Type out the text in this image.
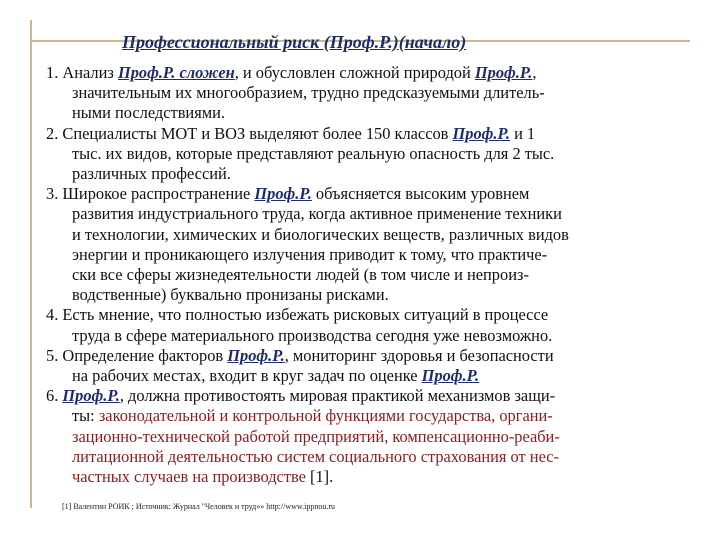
Профессиональный риск (Проф.Р.)(начало)
1. Анализ Проф.Р. сложен, и обусловлен сложной природой Проф.Р.,
значительным их многообразием, трудно предсказуемыми длитель-
ными последствиями.
2. Специалисты МОТ и ВОЗ выделяют более 150 классов Проф.Р. и 1
тыс. их видов, которые представляют реальную опасность для 2 тыс.
различных профессий.
3. Широкое распространение Проф.Р. объясняется высоким уровнем
развития индустриального труда, когда активное применение техники
и технологии, химических и биологических веществ, различных видов
энергии и проникающего излучения приводит к тому, что практиче-
ски все сферы жизнедеятельности людей (в том числе и непроиз-
водственные) буквально пронизаны рисками.
4. Есть мнение, что полностью избежать рисковых ситуаций в процессе
труда в сфере материального производства сегодня уже невозможно.
5. Определение факторов Проф.Р., мониторинг здоровья и безопасности
на рабочих местах, входит в круг задач по оценке Проф.Р.
6. Проф.Р., должна противостоять мировая практикой механизмов защи-
ты: законодательной и контрольной функциями государства, органи-
зационно-технической работой предприятий, компенсационно-реаби-
литационной деятельностью систем социального страхования от нес-
частных случаев на производстве [1].
[1] Валентин РОИК ; Источник: Журнал "Человек и труд»» http://www.ippnou.ru
